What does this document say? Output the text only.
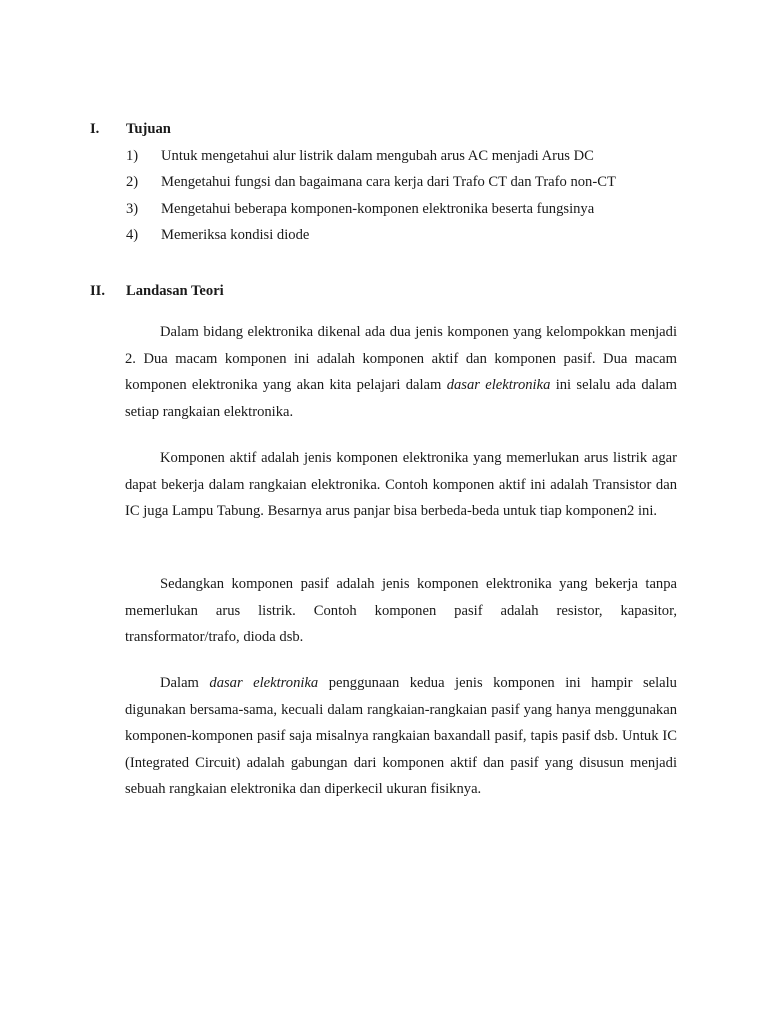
I. Tujuan
1) Untuk mengetahui alur listrik dalam mengubah arus AC menjadi Arus DC
2) Mengetahui fungsi dan bagaimana cara kerja dari Trafo CT dan Trafo non-CT
3) Mengetahui beberapa komponen-komponen elektronika beserta fungsinya
4) Memeriksa kondisi diode
II. Landasan Teori

Dalam bidang elektronika dikenal ada dua jenis komponen yang kelompokkan menjadi 2. Dua macam komponen ini adalah komponen aktif dan komponen pasif. Dua macam komponen elektronika yang akan kita pelajari dalam dasar elektronika ini selalu ada dalam setiap rangkaian elektronika.

Komponen aktif adalah jenis komponen elektronika yang memerlukan arus listrik agar dapat bekerja dalam rangkaian elektronika. Contoh komponen aktif ini adalah Transistor dan IC juga Lampu Tabung. Besarnya arus panjar bisa berbeda-beda untuk tiap komponen2 ini.

Sedangkan komponen pasif adalah jenis komponen elektronika yang bekerja tanpa memerlukan arus listrik. Contoh komponen pasif adalah resistor, kapasitor, transformator/trafo, dioda dsb.

Dalam dasar elektronika penggunaan kedua jenis komponen ini hampir selalu digunakan bersama-sama, kecuali dalam rangkaian-rangkaian pasif yang hanya menggunakan komponen-komponen pasif saja misalnya rangkaian baxandall pasif, tapis pasif dsb. Untuk IC (Integrated Circuit) adalah gabungan dari komponen aktif dan pasif yang disusun menjadi sebuah rangkaian elektronika dan diperkecil ukuran fisiknya.
